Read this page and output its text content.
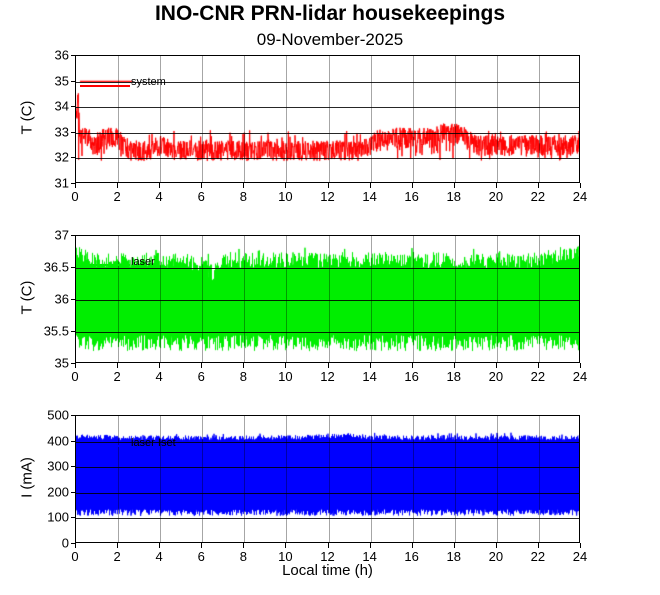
INO-CNR PRN-lidar housekeepings
09-November-2025
T (C)
31
32
33
34
35
36
0	2	4	6	8 10 12 14 16 18 20 22 24
system
T (C)
35
35.5
36
36.5
37
0	2	4	6	8 10 12 14 16 18 20 22 24
laser
I (mA)
0
100
200
300
400
500
0	2	4	6	8 10 12 14 16 18 20 22 24
laser Iset
Local time (h)
